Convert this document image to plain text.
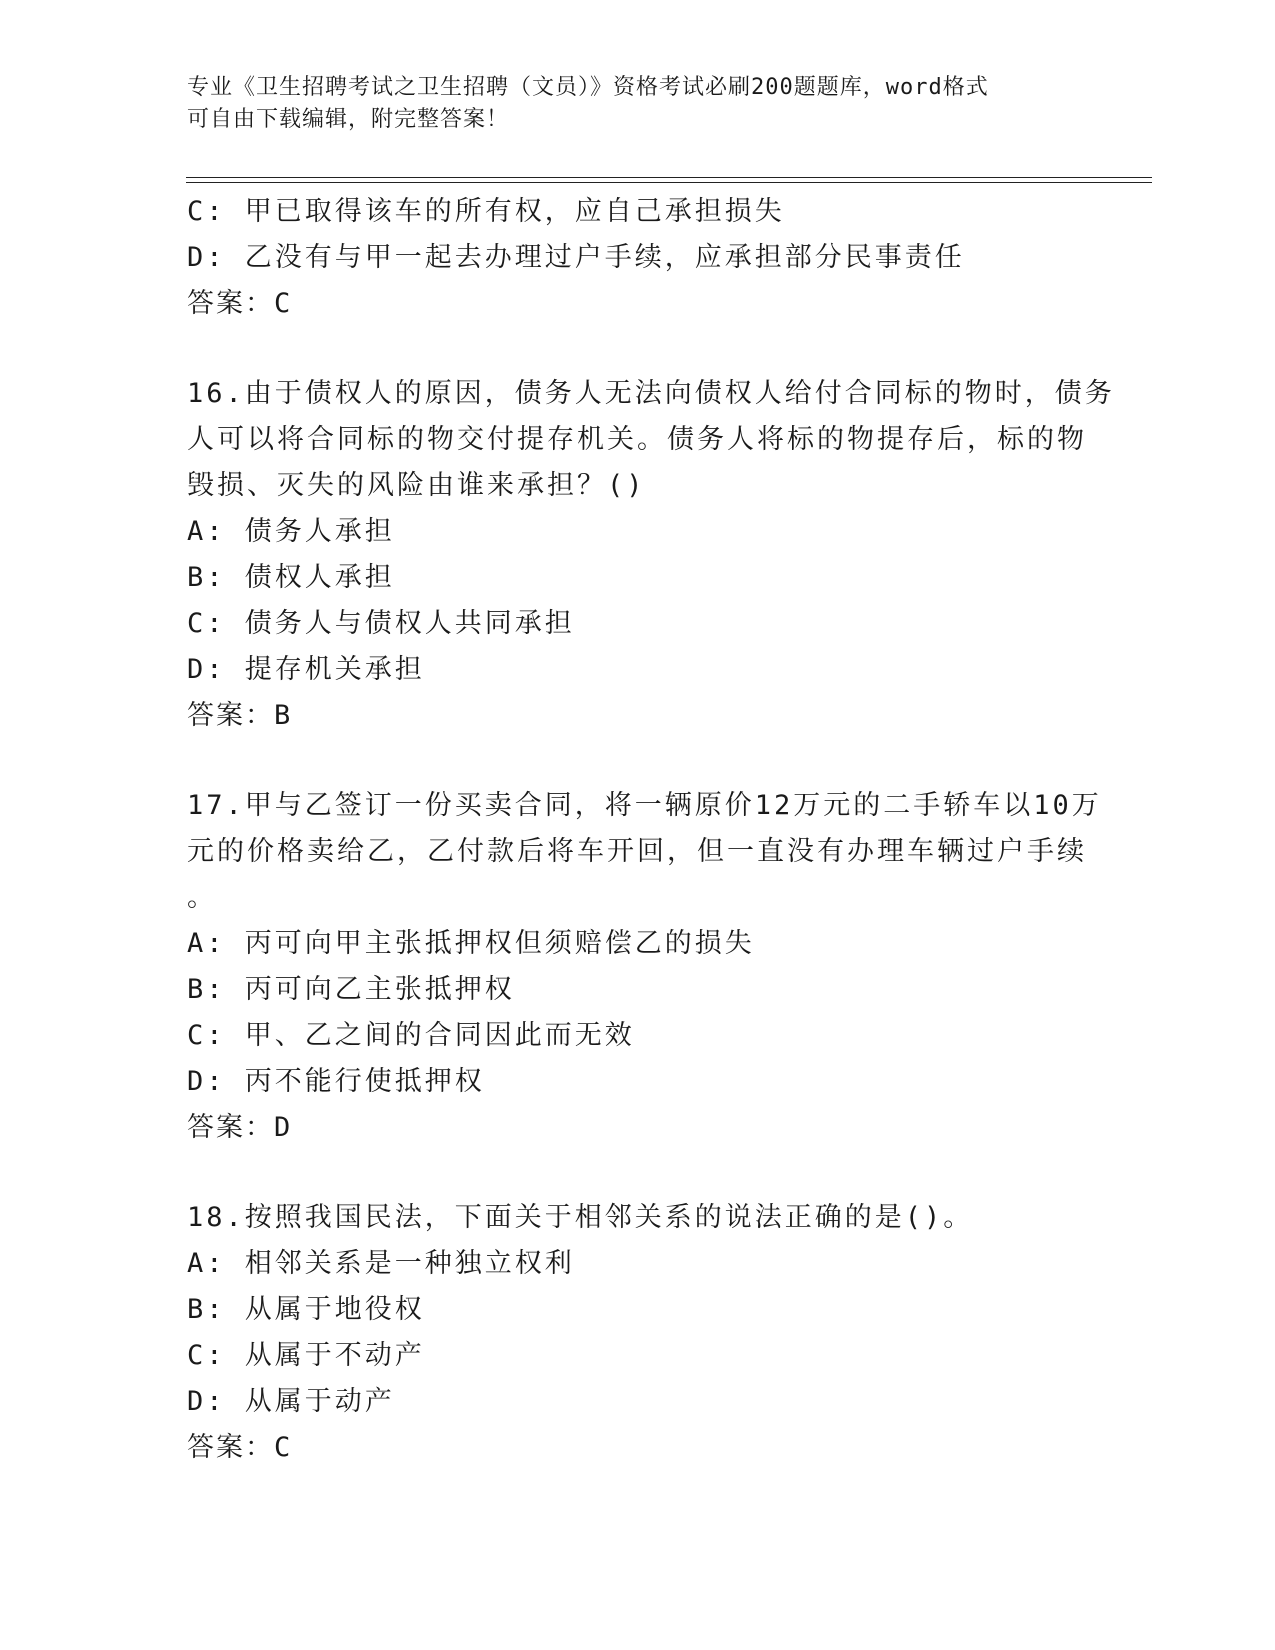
专业《卫生招聘考试之卫生招聘（文员）》资格考试必刷200题题库，word格式
可自由下载编辑，附完整答案！
C: 甲已取得该车的所有权，应自己承担损失
D: 乙没有与甲一起去办理过户手续，应承担部分民事责任
答案：C
16.由于债权人的原因，债务人无法向债权人给付合同标的物时，债务
人可以将合同标的物交付提存机关。债务人将标的物提存后，标的物
毁损、灭失的风险由谁来承担？()
A: 债务人承担
B: 债权人承担
C: 债务人与债权人共同承担
D: 提存机关承担
答案：B
17.甲与乙签订一份买卖合同，将一辆原价12万元的二手轿车以10万
元的价格卖给乙，乙付款后将车开回，但一直没有办理车辆过户手续
。
A: 丙可向甲主张抵押权但须赔偿乙的损失
B: 丙可向乙主张抵押权
C: 甲、乙之间的合同因此而无效
D: 丙不能行使抵押权
答案：D
18.按照我国民法，下面关于相邻关系的说法正确的是()。
A: 相邻关系是一种独立权利
B: 从属于地役权
C: 从属于不动产
D: 从属于动产
答案：C
